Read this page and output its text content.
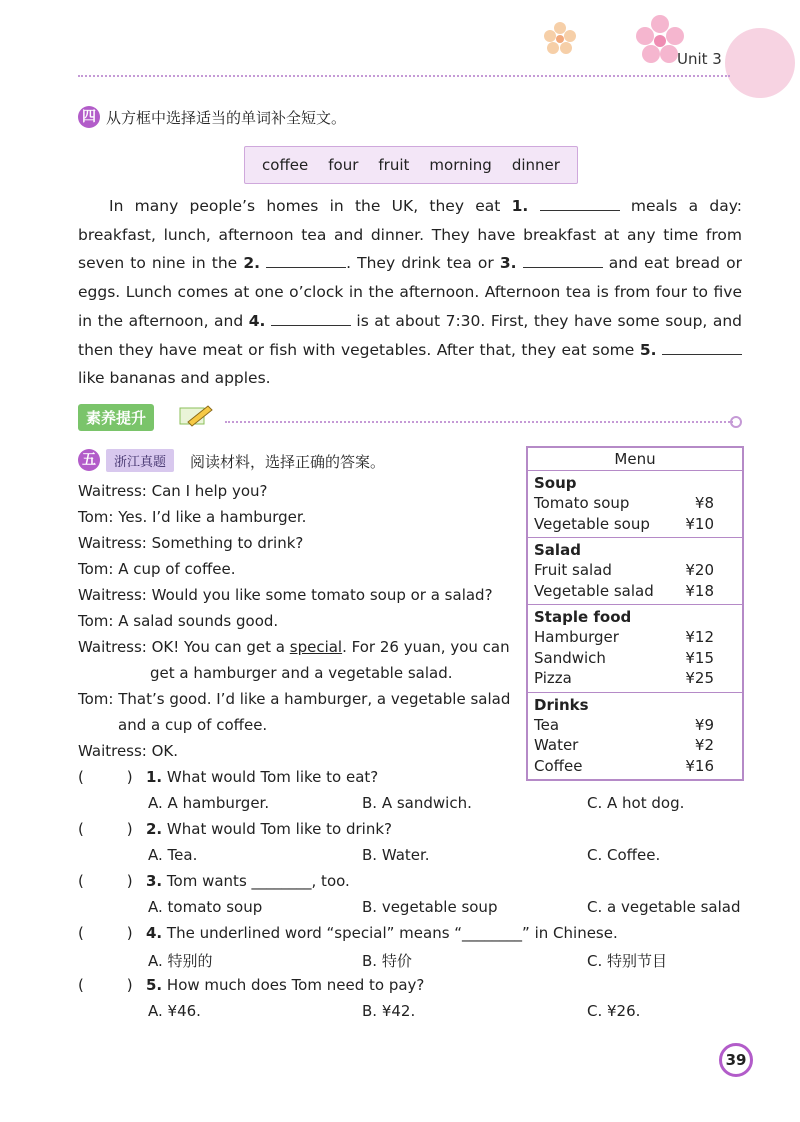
Unit 3
四 从方框中选择适当的单词补全短文。
coffee four fruit morning dinner
In many people’s homes in the UK, they eat 1.	meals a day: breakfast, lunch, afternoon tea and dinner. They have breakfast at any time from seven to nine in the 2.	. They drink tea or 3.	and eat bread or eggs. Lunch comes at one o’clock in the afternoon. Afternoon tea is from four to five in the afternoon, and 4.	is at about 7:30. First, they have some soup, and then they have meat or fish with vegetables. After that, they eat some 5.  like bananas and apples.
素养提升
五	浙江真题	阅读材料，选择正确的答案。
Waitress: Can I help you?
Tom: Yes. I’d like a hamburger.
Waitress: Something to drink?
Tom: A cup of coffee.
Waitress: Would you like some tomato soup or a salad?
Tom: A salad sounds good.
Waitress: OK! You can get a special. For 26 yuan, you can
get a hamburger and a vegetable salad.
Tom: That’s good. I’d like a hamburger, a vegetable salad
and a cup of coffee.
Waitress: OK.
Menu
Soup
Tomato soup	¥8
Vegetable soup ¥10
Salad
Fruit salad	¥20
Vegetable salad ¥18
Staple food
Hamburger	¥12
Sandwich	¥15
Pizza	¥25
Drinks
Tea	¥9
Water	¥2
Coffee	¥16
(         ) 1. What would Tom like to eat?
A. A hamburger.	B. A sandwich.	C. A hot dog.
(         ) 2. What would Tom like to drink?
A. Tea.	B. Water.	C. Coffee.
(         ) 3. Tom wants ________, too.
A. tomato soup	B. vegetable soup	C. a vegetable salad
(         ) 4. The underlined word “special” means “________” in Chinese.
A. 特别的	B. 特价	C. 特别节目
(         ) 5. How much does Tom need to pay?
A. ¥46.	B. ¥42.	C. ¥26.
39
